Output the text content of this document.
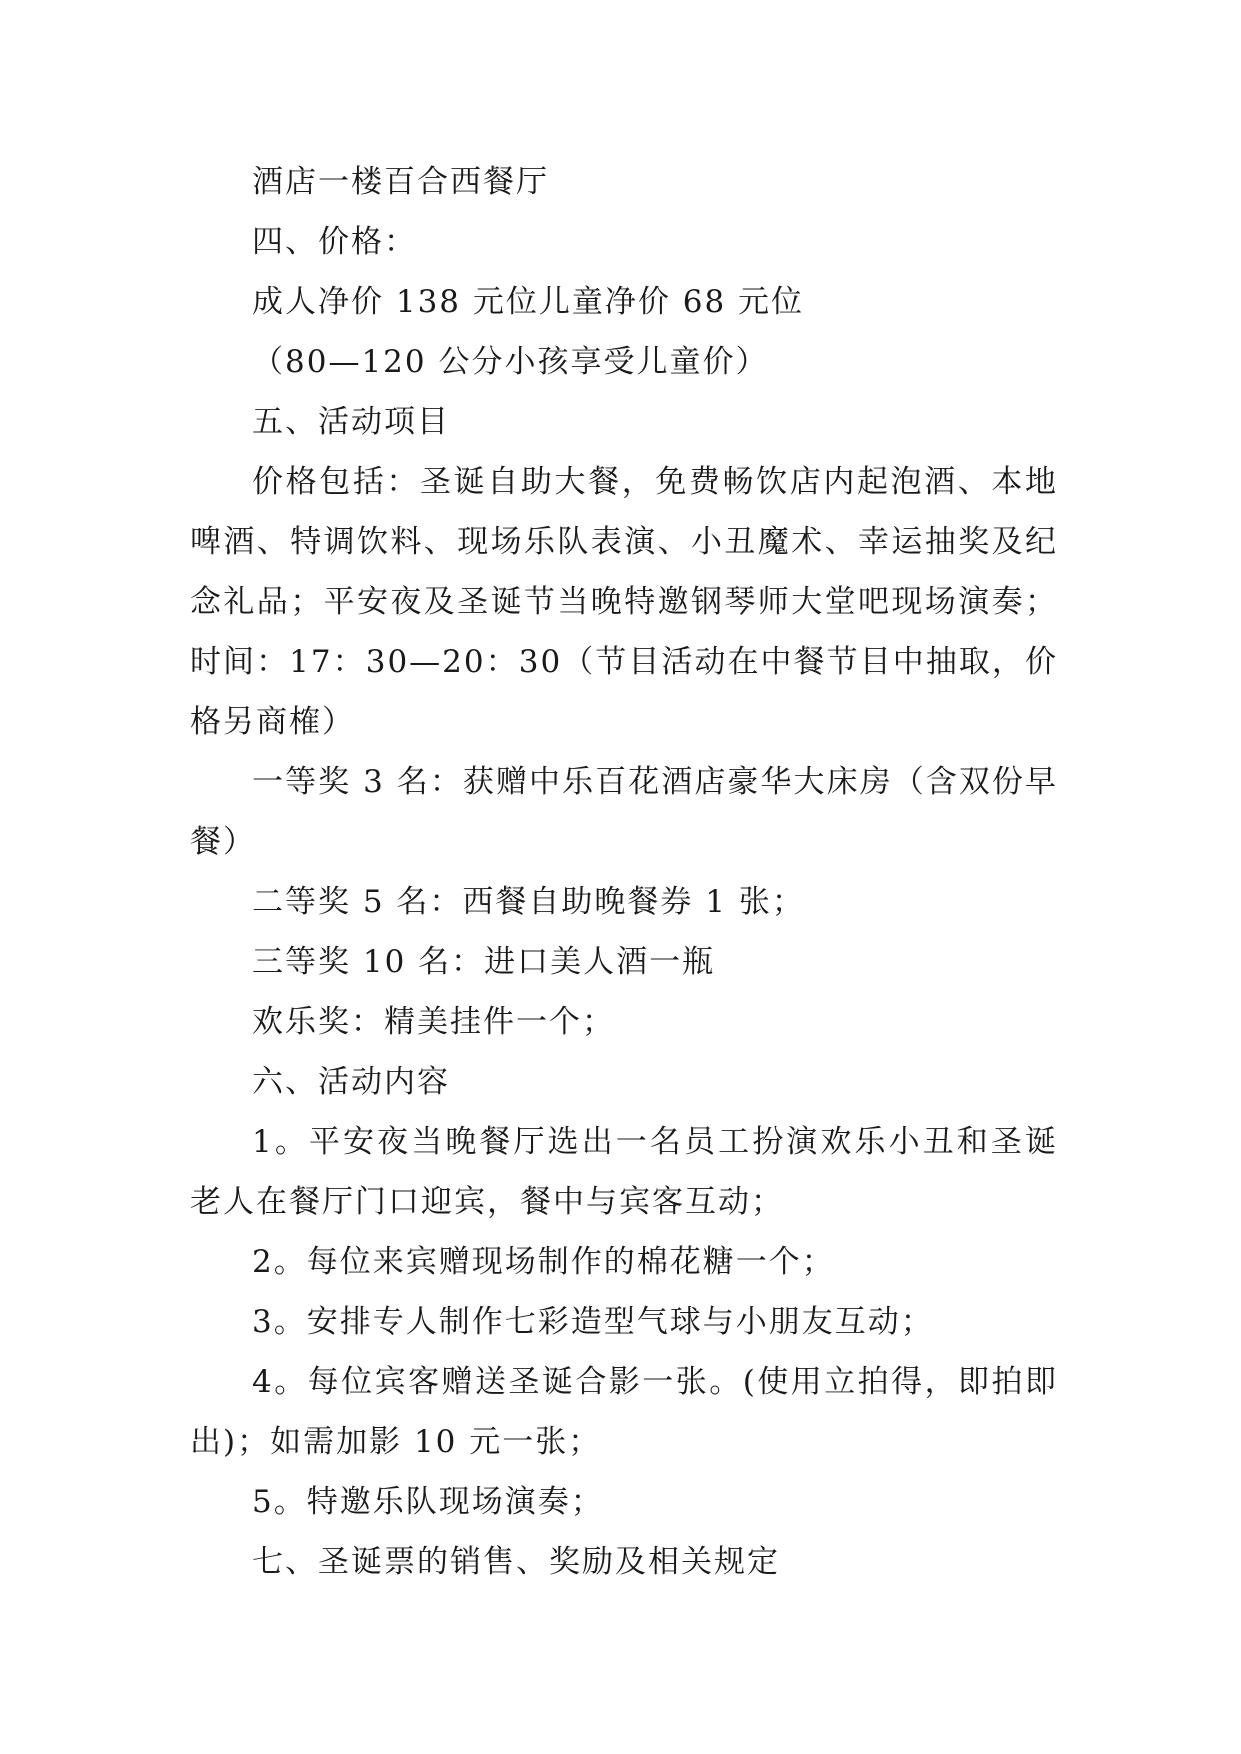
酒店一楼百合西餐厅

四、价格：

成人净价 138 元位儿童净价 68 元位

（80—120 公分小孩享受儿童价）

五、活动项目

价格包括：圣诞自助大餐，免费畅饮店内起泡酒、本地啤酒、特调饮料、现场乐队表演、小丑魔术、幸运抽奖及纪念礼品；平安夜及圣诞节当晚特邀钢琴师大堂吧现场演奏；时间：17：30—20：30（节目活动在中餐节目中抽取，价格另商榷）

一等奖 3 名：获赠中乐百花酒店豪华大床房（含双份早餐）

二等奖 5 名：西餐自助晚餐券 1 张；

三等奖 10 名：进口美人酒一瓶

欢乐奖：精美挂件一个；

六、活动内容

1。平安夜当晚餐厅选出一名员工扮演欢乐小丑和圣诞老人在餐厅门口迎宾，餐中与宾客互动；

2。每位来宾赠现场制作的棉花糖一个；

3。安排专人制作七彩造型气球与小朋友互动；

4。每位宾客赠送圣诞合影一张。(使用立拍得，即拍即出)；如需加影 10 元一张；

5。特邀乐队现场演奏；

七、圣诞票的销售、奖励及相关规定
